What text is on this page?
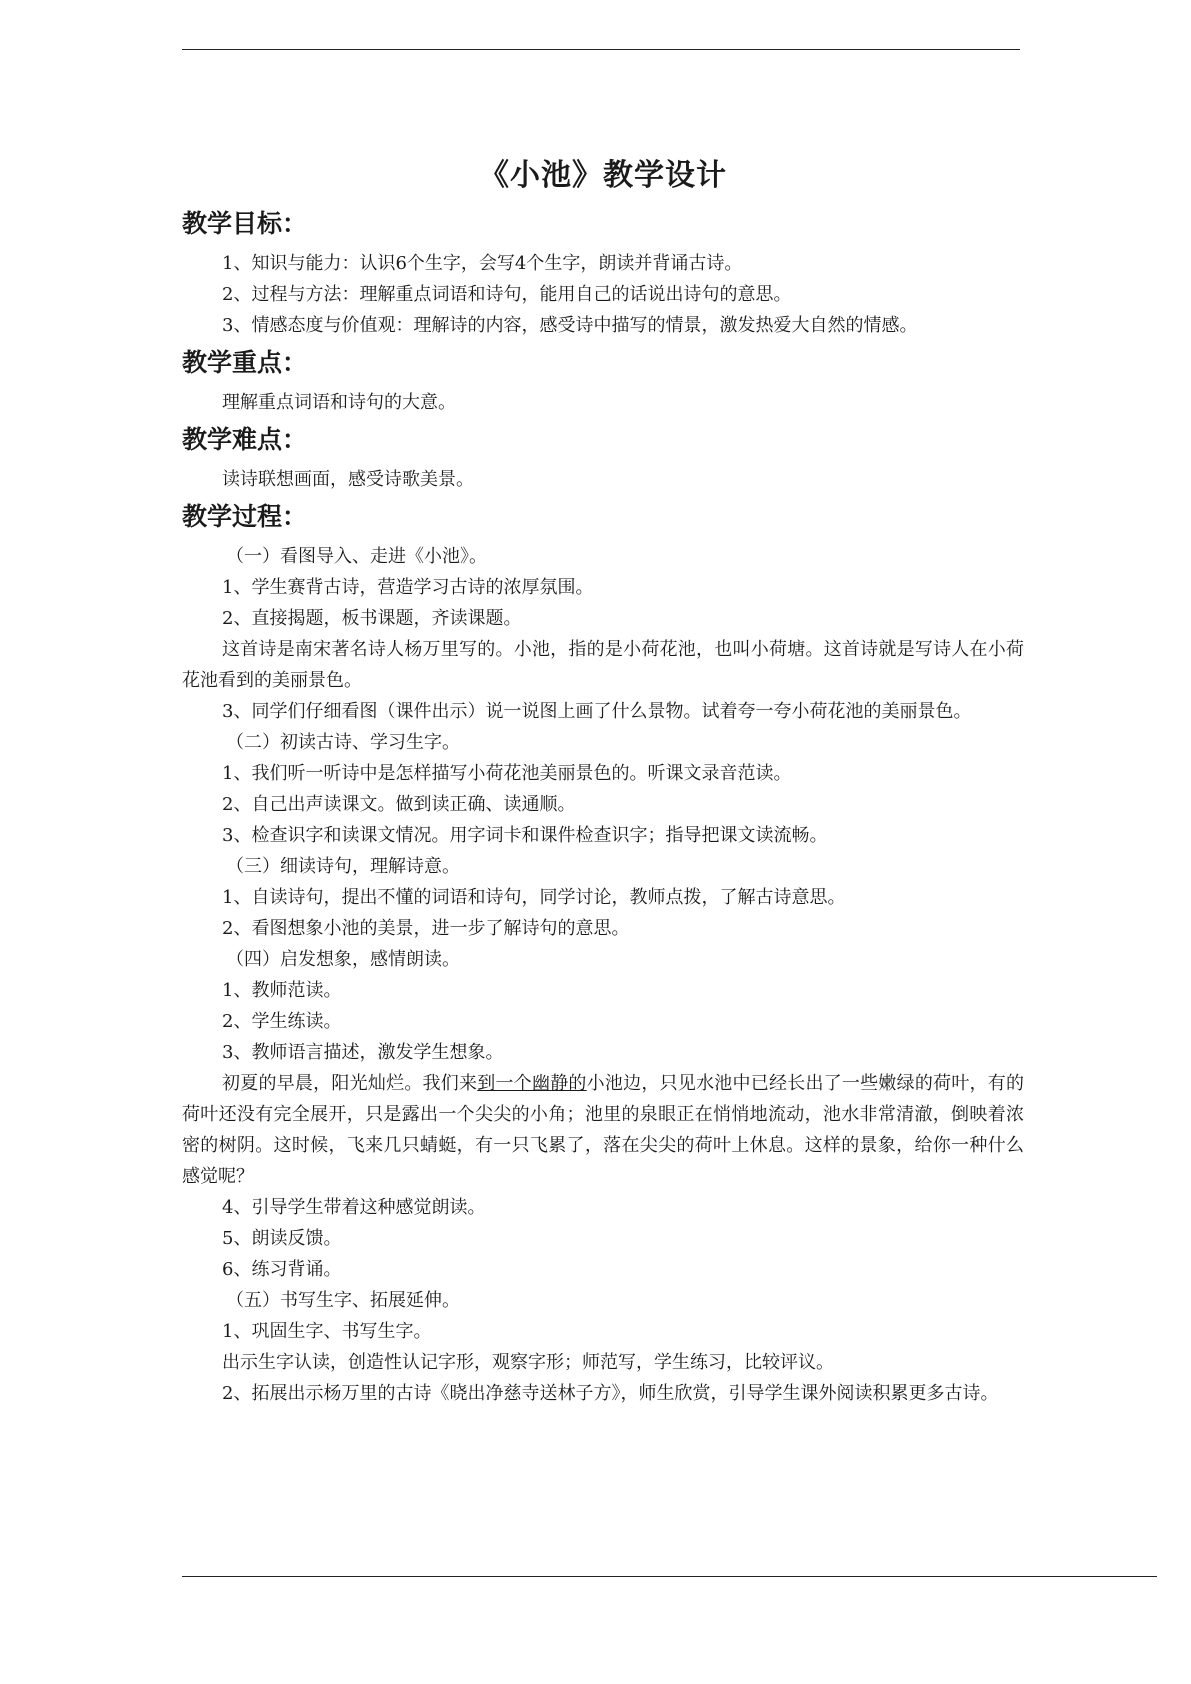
《小池》教学设计
教学目标：

1、知识与能力：认识6个生字，会写4个生字，朗读并背诵古诗。

2、过程与方法：理解重点词语和诗句，能用自己的话说出诗句的意思。

3、情感态度与价值观：理解诗的内容，感受诗中描写的情景，激发热爱大自然的情感。

教学重点：

理解重点词语和诗句的大意。

教学难点：

读诗联想画面，感受诗歌美景。

教学过程：

（一）看图导入、走进《小池》。

1、学生赛背古诗，营造学习古诗的浓厚氛围。

2、直接揭题，板书课题，齐读课题。

这首诗是南宋著名诗人杨万里写的。小池，指的是小荷花池，也叫小荷塘。这首诗就是写诗人在小荷花池看到的美丽景色。

3、同学们仔细看图（课件出示）说一说图上画了什么景物。试着夸一夸小荷花池的美丽景色。

（二）初读古诗、学习生字。

1、我们听一听诗中是怎样描写小荷花池美丽景色的。听课文录音范读。

2、自己出声读课文。做到读正确、读通顺。

3、检查识字和读课文情况。用字词卡和课件检查识字；指导把课文读流畅。

（三）细读诗句，理解诗意。

1、自读诗句，提出不懂的词语和诗句，同学讨论，教师点拨，了解古诗意思。

2、看图想象小池的美景，进一步了解诗句的意思。

（四）启发想象，感情朗读。

1、教师范读。

2、学生练读。

3、教师语言描述，激发学生想象。

初夏的早晨，阳光灿烂。我们来到一个幽静的小池边，只见水池中已经长出了一些嫩绿的荷叶，有的荷叶还没有完全展开，只是露出一个尖尖的小角；池里的泉眼正在悄悄地流动，池水非常清澈，倒映着浓密的树阴。这时候，飞来几只蜻蜓，有一只飞累了，落在尖尖的荷叶上休息。这样的景象，给你一种什么感觉呢？

4、引导学生带着这种感觉朗读。

5、朗读反馈。

6、练习背诵。

（五）书写生字、拓展延伸。

1、巩固生字、书写生字。

出示生字认读，创造性认记字形，观察字形；师范写，学生练习，比较评议。

2、拓展出示杨万里的古诗《晓出净慈寺送林子方》，师生欣赏，引导学生课外阅读积累更多古诗。
